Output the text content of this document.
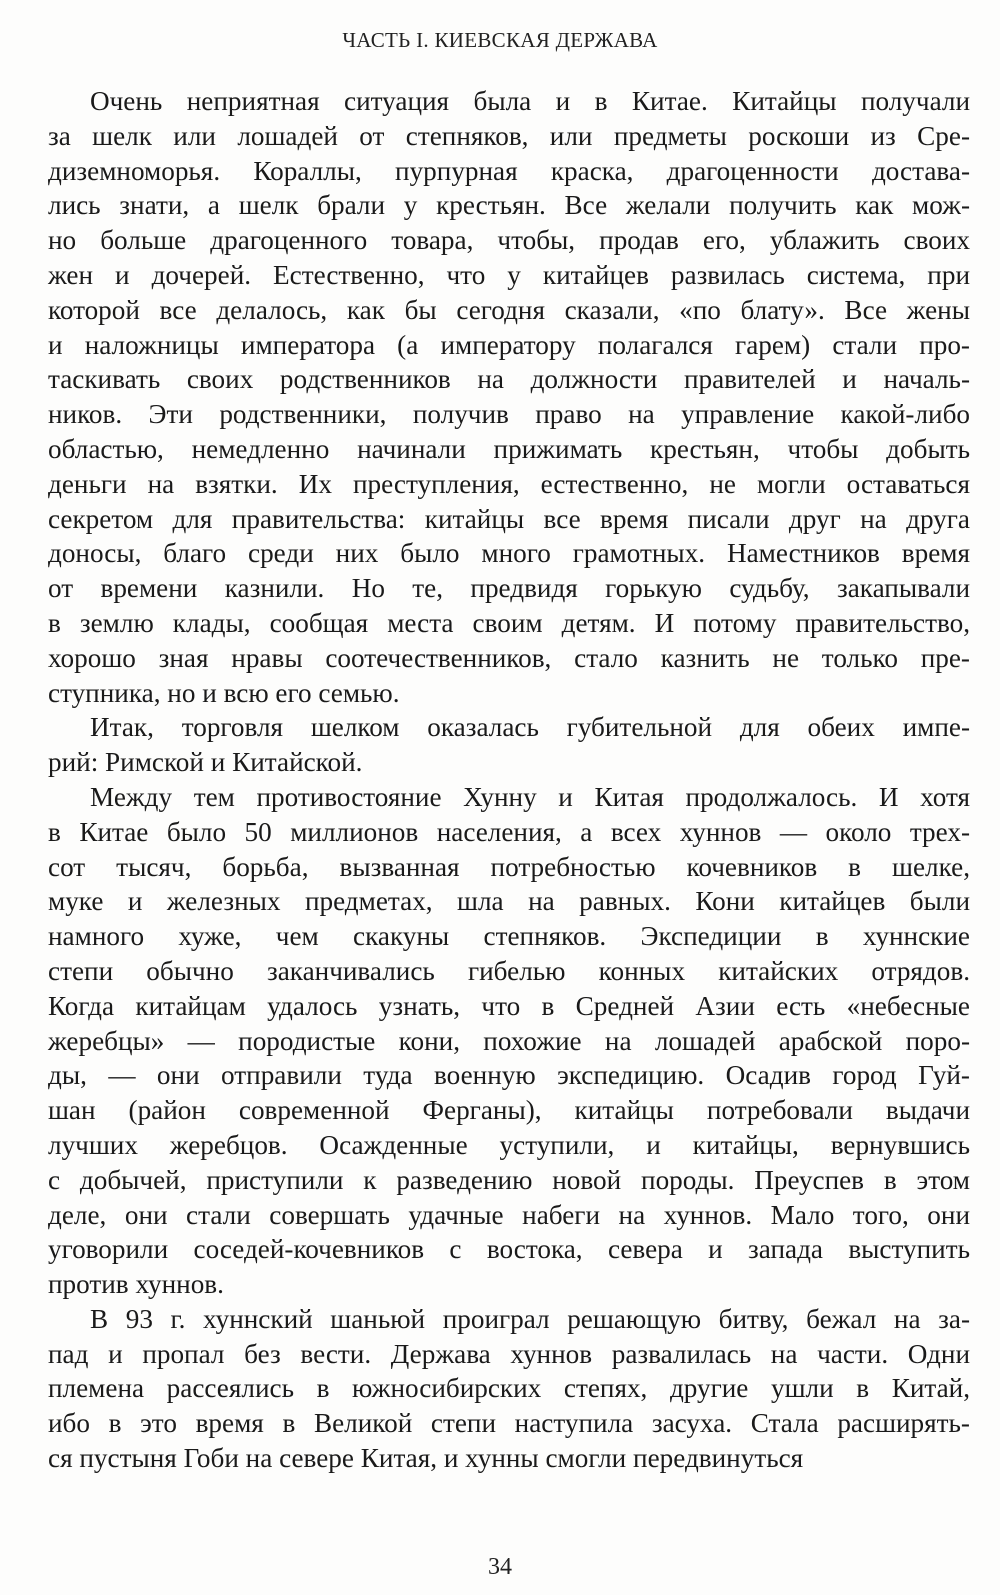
ЧАСТЬ I. КИЕВСКАЯ ДЕРЖАВА
Очень неприятная ситуация была и в Китае. Китайцы получали
за шелк или лошадей от степняков, или предметы роскоши из Сре-
диземноморья. Кораллы, пурпурная краска, драгоценности достава-
лись знати, а шелк брали у крестьян. Все желали получить как мож-
но больше драгоценного товара, чтобы, продав его, ублажить своих
жен и дочерей. Естественно, что у китайцев развилась система, при
которой все делалось, как бы сегодня сказали, «по блату». Все жены
и наложницы императора (а императору полагался гарем) стали про-
таскивать своих родственников на должности правителей и началь-
ников. Эти родственники, получив право на управление какой-либо
областью, немедленно начинали прижимать крестьян, чтобы добыть
деньги на взятки. Их преступления, естественно, не могли оставаться
секретом для правительства: китайцы все время писали друг на друга
доносы, благо среди них было много грамотных. Наместников время
от времени казнили. Но те, предвидя горькую судьбу, закапывали
в землю клады, сообщая места своим детям. И потому правительство,
хорошо зная нравы соотечественников, стало казнить не только пре-
ступника, но и всю его семью.
Итак, торговля шелком оказалась губительной для обеих импе-
рий: Римской и Китайской.
Между тем противостояние Хунну и Китая продолжалось. И хотя
в Китае было 50 миллионов населения, а всех хуннов — около трех-
сот тысяч, борьба, вызванная потребностью кочевников в шелке,
муке и железных предметах, шла на равных. Кони китайцев были
намного хуже, чем скакуны степняков. Экспедиции в хуннские
степи обычно заканчивались гибелью конных китайских отрядов.
Когда китайцам удалось узнать, что в Средней Азии есть «небесные
жеребцы» — породистые кони, похожие на лошадей арабской поро-
ды, — они отправили туда военную экспедицию. Осадив город Гуй-
шан (район современной Ферганы), китайцы потребовали выдачи
лучших жеребцов. Осажденные уступили, и китайцы, вернувшись
с добычей, приступили к разведению новой породы. Преуспев в этом
деле, они стали совершать удачные набеги на хуннов. Мало того, они
уговорили соседей-кочевников с востока, севера и запада выступить
против хуннов.
В 93 г. хуннский шаньюй проиграл решающую битву, бежал на за-
пад и пропал без вести. Держава хуннов развалилась на части. Одни
племена рассеялись в южносибирских степях, другие ушли в Китай,
ибо в это время в Великой степи наступила засуха. Стала расширять-
ся пустыня Гоби на севере Китая, и хунны смогли передвинуться
34
